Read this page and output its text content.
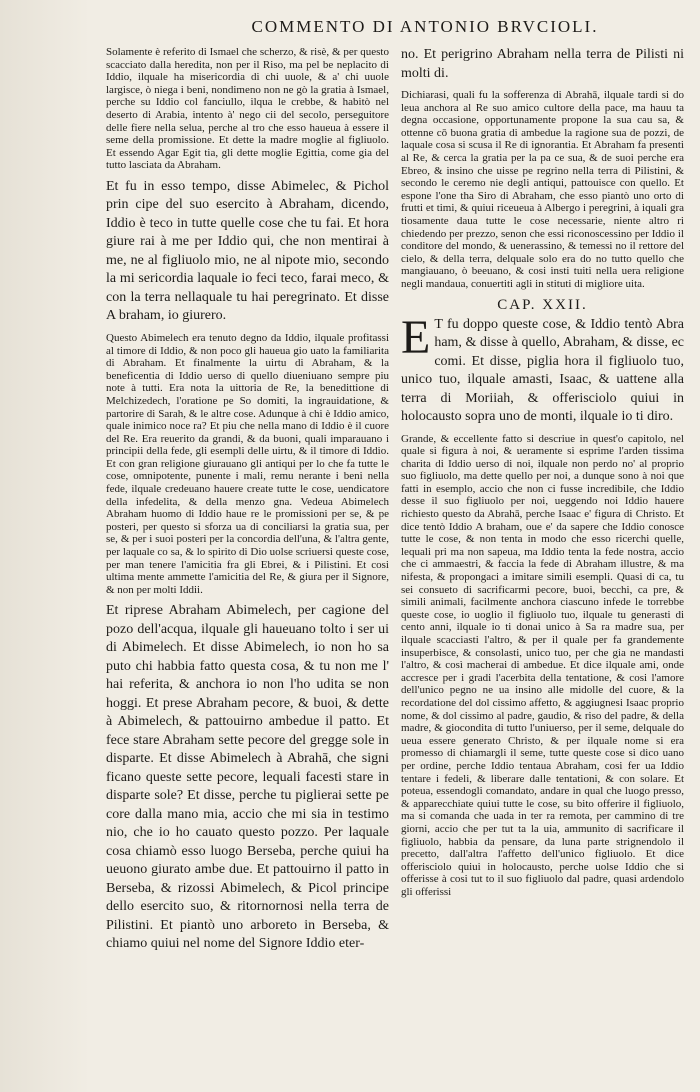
COMMENTO DI ANTONIO BRVCIOLI.

Solamente è referito di Ismael che scherzo, & risè, & per questo scacciato dalla heredita, non per il Riso, ma pel be neplacito di Iddio, ilquale ha misericordia di chi uuole, & a' chi uuole largisce, ò niega i beni, nondimeno non ne gò la gratia à Ismael, perche su Iddio col fanciullo, ilqua le crebbe, & habitò nel deserto di Arabia, intento à' nego cii del secolo, perseguitore delle fiere nella selua, perche al tro che esso haueua à essere il seme della promissione. Et dette la madre moglie al figliuolo. Et essendo Agar Egit tia, gli dette moglie Egittia, come gia del tutto lasciata da Abraham.

Et fu in esso tempo, disse Abimelec, & Pichol prin cipe del suo esercito à Abraham, dicendo, Iddio è teco in tutte quelle cose che tu fai. Et hora giure rai à me per Iddio qui, che non mentirai à me, ne al figliuolo mio, ne al nipote mio, secondo la mi sericordia laquale io feci teco, farai meco, & con la terra nellaquale tu hai peregrinato. Et disse A braham, io giurero.

Questo Abimelech era tenuto degno da Iddio, ilquale profitassi al timore di Iddio, & non poco gli haueua gio uato la familiarita di Abraham. Et finalmente la uirtu di Abraham, & la beneficentia di Iddio uerso di quello diueniuano sempre piu note à tutti. Era nota la uittoria de Re, la benedittione di Melchizedech, l'oratione pe So domiti, la ingrauidatione, & partorire di Sarah, & le altre cose. Adunque à chi è Iddio amico, quale inimico noce ra? Et piu che nella mano di Iddio è il cuore del Re. Era reuerito da grandi, & da buoni, quali imparauano i principii della fede, gli esempli delle uirtu, & il timore di Iddio. Et con gran religione giurauano gli antiqui per lo che fa tutte le cose, omnipotente, punente i mali, remu nerante i beni nella fede, ilquale credeuano hauere create tutte le cose, uendicatore della infedelita, & della menzo gna. Vedeua Abimelech Abraham huomo di Iddio haue re le promissioni per se, & pe posteri, per questo si sforza ua di conciliarsi la gratia sua, per se, & per i suoi posteri per la concordia dell'una, & l'altra gente, per laquale co sa, & lo spirito di Dio uolse scriuersi queste cose, per man tenere l'amicitia fra gli Ebrei, & i Pilistini. Et cosi ultima mente ammette l'amicitia del Re, & giura per il Signore, & non per molti Iddii.

Et riprese Abraham Abimelech, per cagione del pozo dell'acqua, ilquale gli haueuano tolto i ser ui di Abimelech. Et disse Abimelech, io non ho sa puto chi habbia fatto questa cosa, & tu non me l' hai referita, & anchora io non l'ho udita se non hoggi. Et prese Abraham pecore, & buoi, & dette à Abimelech, & pattouirno ambedue il patto. Et fece stare Abraham sette pecore del gregge sole in disparte. Et disse Abimelech à Abrahā, che signi ficano queste sette pecore, lequali facesti stare in disparte sole? Et disse, perche tu piglierai sette pe core dalla mano mia, accio che mi sia in testimo nio, che io ho cauato questo pozzo. Per laquale cosa chiamò esso luogo Berseba, perche quiui ha ueuono giurato ambe due. Et pattouirno il patto in Berseba, & rizossi Abimelech, & Picol principe dello esercito suo, & ritornornosi nella terra de Pilistini. Et piantò uno arboreto in Berseba, & chiamo quiui nel nome del Signore Iddio eter-

no. Et perigrino Abraham nella terra de Pilisti ni molti di.

Dichiarasi, quali fu la sofferenza di Abrahā, ilquale tardi si do leua anchora al Re suo amico cultore della pace, ma hauu ta degna occasione, opportunamente propone la sua cau sa, & ottenne cō buona gratia di ambedue la ragione sua de pozzi, de laquale cosa si scusa il Re di ignorantia. Et Abraham fa presenti al Re, & cerca la gratia per la pa ce sua, & de suoi perche era Ebreo, & insino che uisse pe regrino nella terra di Pilistini, & secondo le ceremo nie degli antiqui, pattouisce con quello. Et espone l'one tha Siro di Abraham, che esso piantò uno orto di frutti et timi, & quiui riceueua à Albergo i peregrini, à iquali gra tiosamente daua tutte le cose necessarie, niente altro ri chiedendo per prezzo, senon che essi riconoscessino per Iddio il conditore del mondo, & uenerassino, & temessi no il rettore del cielo, & della terra, delquale solo era do no tutto quello che mangiauano, ò beeuano, & cosi insti tuiti nella uera religione negli mandaua, conuertiti agli in stituti di migliore uita.

CAP. XXII.

E T fu doppo queste cose, & Iddio tentò Abra ham, & disse à quello, Abraham, & disse, ec comi. Et disse, piglia hora il figliuolo tuo, unico tuo, ilquale amasti, Isaac, & uattene alla terra di Moriiah, & offerisciolo quiui in holocausto sopra uno de monti, ilquale io ti diro.

Grande, & eccellente fatto si descriue in quest'o capitolo, nel quale si figura à noi, & ueramente si esprime l'arden tissima charita di Iddio uerso di noi, ilquale non perdo no' al proprio suo figliuolo, ma dette quello per noi, a dunque sono à noi que fatti in esemplo, accio che non ci fusse incredibile, che Iddio desse il suo figliuolo per noi, ueggendo noi Iddio hauere richiesto questo da Abrahā, perche Isaac e' figura di Christo. Et dice tentò Iddio A braham, oue e' da sapere che Iddio conosce tutte le cose, & non tenta in modo che esso ricerchi quelle, lequali pri ma non sapeua, ma Iddio tenta la fede nostra, accio che ci ammaestri, & faccia la fede di Abraham illustre, & ma nifesta, & propongaci a imitare simili esempli. Quasi di ca, tu sei consueto di sacrificarmi pecore, buoi, becchi, ca pre, & simili animali, facilmente anchora ciascuno infede le torrebbe queste cose, io uoglio il figliuolo tuo, ilquale tu generasti di cento anni, ilquale io ti donai unico à Sa ra madre sua, per ilquale scacciasti l'altro, & per il quale per fa grandemente insuperbisce, & consolasti, unico tuo, per che gia ne mandasti l'altro, & così macherai di ambedue. Et dice ilquale ami, onde accresce per i gradi l'acerbita della tentatione, & cosi l'amore dell'unico pegno ne ua insino alle midolle del cuore, & la recordatione del dol cissimo affetto, & aggiugnesi Isaac proprio nome, & dol cissimo al padre, gaudio, & riso del padre, & della madre, & giocondita di tutto l'uniuerso, per il seme, delquale do ueua essere generato Christo, & per ilquale nome si era promesso di chiamargli il seme, tutte queste cose si dico uano per ordine, perche Iddio tentaua Abraham, cosi fer ua Iddio tentare i fedeli, & liberare dalle tentationi, & con solare. Et poteua, essendogli comandato, andare in qual che luogo presso, & apparecchiate quiui tutte le cose, su bito offerire il figliuolo, ma si comanda che uada in ter ra remota, per cammino di tre giorni, accio che per tut ta la uia, ammunito di sacrificare il figliuolo, habbia da pensare, da luna parte strignendolo il precetto, dall'altra l'affetto dell'unico figliuolo. Et dice offerisciolo quiui in holocausto, perche uolse Iddio che si offerisse à cosi tut to il suo figliuolo dal padre, quasi ardendolo gli offerissi
